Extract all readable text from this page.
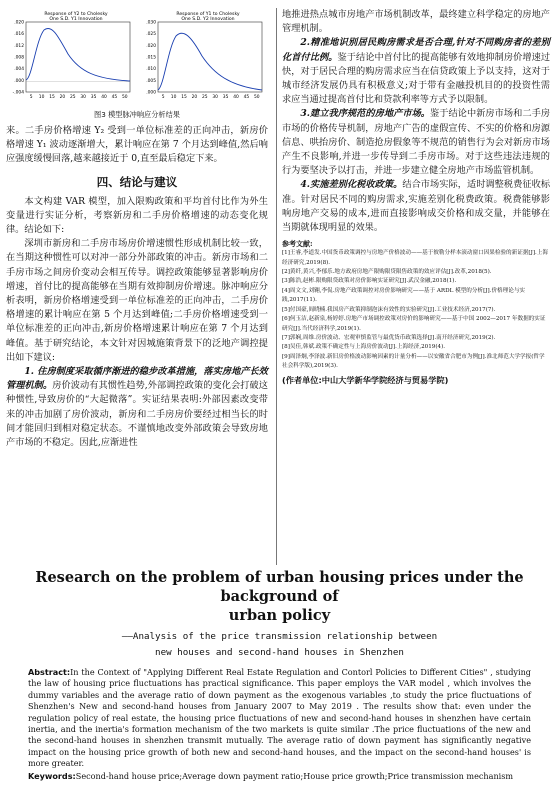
Response of Y2 to Cholesky
One S.D. Y1 Innovation
.020
.016
.012
.008
.004
.000
-.004
5 10 15 20 25 30 35 40 45 50
Response of Y1 to Cholesky
One S.D. Y2 Innovation
.030
.025
.020
.015
.010
.005
.000
5 10 15 20 25 30 35 40 45 50
图3 模型脉冲响应分析结果

来。二手房价格增速 Y₂ 受到一单位标准差的正向冲击，新房价格增速 Y₁ 波动逐渐增大，累计响应在第 7 个月达到峰值,然后响应强度缓慢回落,越来越接近于 0,直至最后稳定下来。

四、结论与建议

本文构建 VAR 模型，加入限购政策和平均首付比作为外生变量进行实证分析，考察新房和二手房价格增速的动态变化规律。结论如下:

深圳市新房和二手房市场房价增速惯性形成机制比较一致，在当期这种惯性可以对冲一部分外部政策的冲击。新房市场和二手房市场之间房价变动会相互传导。调控政策能够显著影响房价增速，首付比的提高能够在当期有效抑制房价增速。脉冲响应分析表明，新房价格增速受到一单位标准差的正向冲击，二手房价格增速的累计响应在第 5 个月达到峰值;二手房价格增速受到一单位标准差的正向冲击,新房价格增速累计响应在第 7 个月达到峰值。基于研究结论，本文针对因城施策背景下的泛地产调控提出如下建议:

1. 住房制度采取循序渐进的稳步改革措施，落实房地产长效管理机制。房价波动有其惯性趋势,外部调控政策的变化会打破这种惯性,导致房价的“大起微落”。实证结果表明:外部因素改变带来的冲击加剧了房价波动，新房和二手房房价要经过相当长的时间才能回归到相对稳定状态。不谨慎地改变外部政策会导致房地产市场的不稳定。因此,应渐进性

地推进热点城市房地产市场机制改革，最终建立科学稳定的房地产管理机制。

2.精准地识别居民购房需求是否合理,针对不同购房者的差别化首付比例。鉴于结论中首付比的提高能够有效地抑制房价增速过快，对于居民合理的购房需求应当在信贷政策上予以支持，这对于城市经济发展仍具有积极意义;对于带有金融投机目的的投资性需求应当通过提高首付比和贷款利率等方式予以限制。

3.建立我序规范的房地产市场。鉴于结论中新房市场和二手房市场的价格传导机制，房地产广告的虚假宣传、不实的价格和房源信息、哄抬房价、制造抢房假象等不规范的销售行为会对新房市场产生不良影响,并进一步传导到二手房市场。对于这些违法违规的行为要坚决予以打击，并进一步建立健全房地产市场监管机制。

4.实施差别化税收政策。结合市场实际，适时调整税费征收标准。针对居民不同的购房需求,实施差别化税费政策。税费能够影响房地产交易的成本,进而直接影响成交价格和成交量，并能够在当期就体现明显的效果。

参考文献:
[1]王睿,李道发.中国货币政策调控与房地产价格波动——基于彼勒分样本滚动窗口因果检验的新证据[J].上海经济研究,2019(8).
[2]黄纤,黄兴,李郁乐.地方政府房地产限购限贷限售政策的效应评估[J].改革,2018(5).
[3]陈浩,赵彬.限购限贷政策对房价影响实证研究[J].武汉金融,2018(1).
[4]周文文,刘翱,李侃.房地产政策调控对房价影响研究——基于 ARDL 模型的分析[J].价格理论与实践,2017(11).
[5]付国豪,阎晓楠.我国房产政策抑制泡沫有效性的实验研究[J].工业技术经济,2017(7).
[6]何玉洁,赵新泉,杨婷婷.房地产市场调控政策对房价的影响研究——基于中国 2002—2017 年数据的实证研究[J].当代经济科学,2019(1).
[7]郭娴,周维.房价波动、宏观审慎监管与最优货币政策选择[J].南开经济研究,2019(2).
[8]吴佳,韩斌.政策不确定性与上海房价波动[J].上海经济,2019(4).
[9]周泽炯,李泽波.新旧房价格波动影响因素的计量分析——以安徽省合肥市为例[J].淮北师范大学学报(哲学社会科学版),2019(3).
(作者单位:中山大学新华学院经济与贸易学院)
Research on the problem of urban housing prices under the background of
urban policy
——Analysis of the price transmission relationship between
new houses and second-hand houses in Shenzhen
Abstract:In the Context of "Applying Different Real Estate Regulation and Contorl Policies to Different Cities" , studying the law of housing price fluctuations has practical significance. This paper employs the VAR model , which involves the dummy variables and the average ratio of down payment as the exogenous variables ,to study the price fluctuations of Shenzhen's New and second-hand houses from January 2007 to May 2019 . The results show that: even under the regulation policy of real estate, the housing price fluctuations of new and second-hand houses in shenzhen have certain inertia, and the inertia's formation mechanism of the two markets is quite similar .The price fluctuations of the new and the second-hand houses in shenzhen transmit mutually. The average ratio of down payment has significantly negative impact on the housing price growth of both new and second-hand houses, and the impact on the second-hand houses' is more greater.
Keywords:Second-hand house price;Average down payment ratio;House price growth;Price transmission mechanism
